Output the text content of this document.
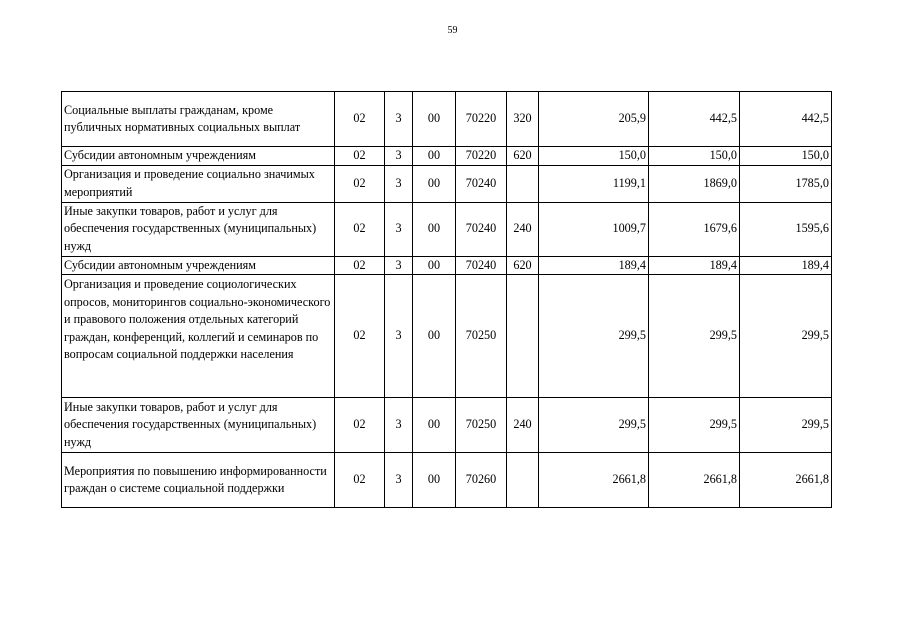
59
Социальные выплаты гражданам, кроме публичных нормативных социальных выплат	02	3	00	70220	320	205,9	442,5	442,5
Субсидии автономным учреждениям	02	3	00	70220	620	150,0	150,0	150,0
Организация и проведение социально значимых мероприятий	02	3	00	70240		1199,1	1869,0	1785,0
Иные закупки товаров, работ и услуг для обеспечения государственных (муниципальных) нужд	02	3	00	70240	240	1009,7	1679,6	1595,6
Субсидии автономным учреждениям	02	3	00	70240	620	189,4	189,4	189,4
Организация и проведение социологических опросов, мониторингов социально-экономического и правового положения отдельных категорий граждан, конференций, коллегий и семинаров по вопросам социальной поддержки населения	02	3	00	70250		299,5	299,5	299,5
Иные закупки товаров, работ и услуг для обеспечения государственных (муниципальных) нужд	02	3	00	70250	240	299,5	299,5	299,5
Мероприятия по повышению информированности граждан о системе социальной поддержки	02	3	00	70260		2661,8	2661,8	2661,8
